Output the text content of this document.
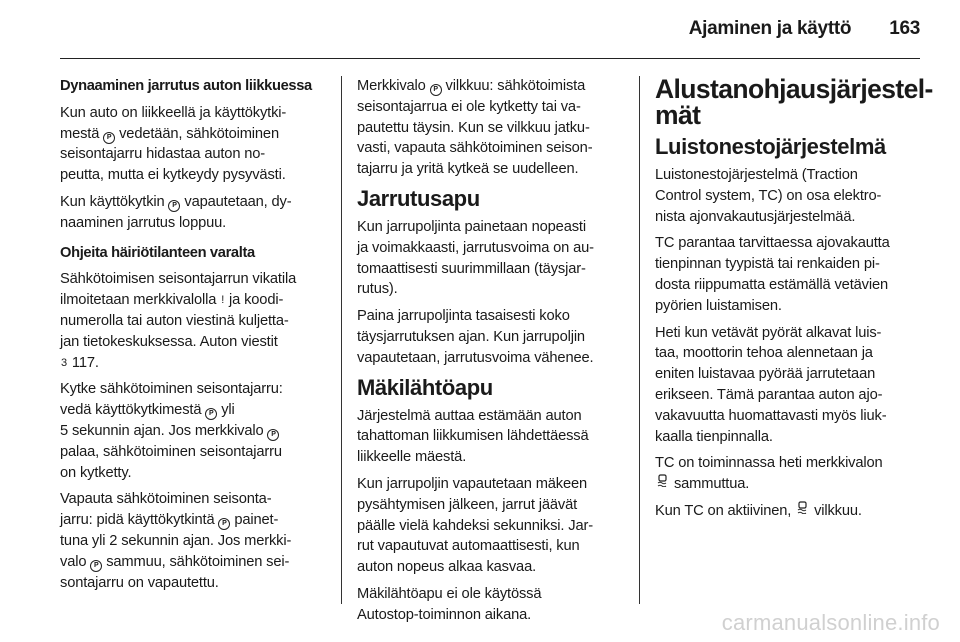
Ajaminen ja käyttö 163

Dynaaminen jarrutus auton liikkuessa

Kun auto on liikkeellä ja käyttökytki-
mestä P vedetään, sähkötoiminen
seisontajarru hidastaa auton no-
peutta, mutta ei kytkeydy pysyvästi.

Kun käyttökytkin P vapautetaan, dy-
naaminen jarrutus loppuu.

Ohjeita häiriötilanteen varalta

Sähkötoimisen seisontajarrun vikatila
ilmoitetaan merkkivalolla ! ja koodi-
numerolla tai auton viestinä kuljetta-
jan tietokeskuksessa. Auton viestit
3 117.

Kytke sähkötoiminen seisontajarru:
vedä käyttökytkimestä P yli
5 sekunnin ajan. Jos merkkivalo P
palaa, sähkötoiminen seisontajarru
on kytketty.

Vapauta sähkötoiminen seisonta-
jarru: pidä käyttökytkintä P painet-
tuna yli 2 sekunnin ajan. Jos merkki-
valo P sammuu, sähkötoiminen sei-
sontajarru on vapautettu.

Merkkivalo P vilkkuu: sähkötoimista
seisontajarrua ei ole kytketty tai va-
pautettu täysin. Kun se vilkkuu jatku-
vasti, vapauta sähkötoiminen seison-
tajarru ja yritä kytkeä se uudelleen.

Jarrutusapu

Kun jarrupoljinta painetaan nopeasti
ja voimakkaasti, jarrutusvoima on au-
tomaattisesti suurimmillaan (täysjar-
rutus).

Paina jarrupoljinta tasaisesti koko
täysjarrutuksen ajan. Kun jarrupoljin
vapautetaan, jarrutusvoima vähenee.

Mäkilähtöapu

Järjestelmä auttaa estämään auton
tahattoman liikkumisen lähdettäessä
liikkeelle mäestä.

Kun jarrupoljin vapautetaan mäkeen
pysähtymisen jälkeen, jarrut jäävät
päälle vielä kahdeksi sekunniksi. Jar-
rut vapautuvat automaattisesti, kun
auton nopeus alkaa kasvaa.

Mäkilähtöapu ei ole käytössä
Autostop-toiminnon aikana.

Alustanohjausjärjestel-
mät

Luistonestojärjestelmä

Luistonestojärjestelmä (Traction
Control system, TC) on osa elektro-
nista ajonvakautusjärjestelmää.

TC parantaa tarvittaessa ajovakautta
tienpinnan tyypistä tai renkaiden pi-
dosta riippumatta estämällä vetävien
pyörien luistamisen.

Heti kun vetävät pyörät alkavat luis-
taa, moottorin tehoa alennetaan ja
eniten luistavaa pyörää jarrutetaan
erikseen. Tämä parantaa auton ajo-
vakavuutta huomattavasti myös liuk-
kaalla tienpinnalla.

TC on toiminnassa heti merkkivalon
sammuttua.

Kun TC on aktiivinen,  vilkkuu.

carmanualsonline.info
